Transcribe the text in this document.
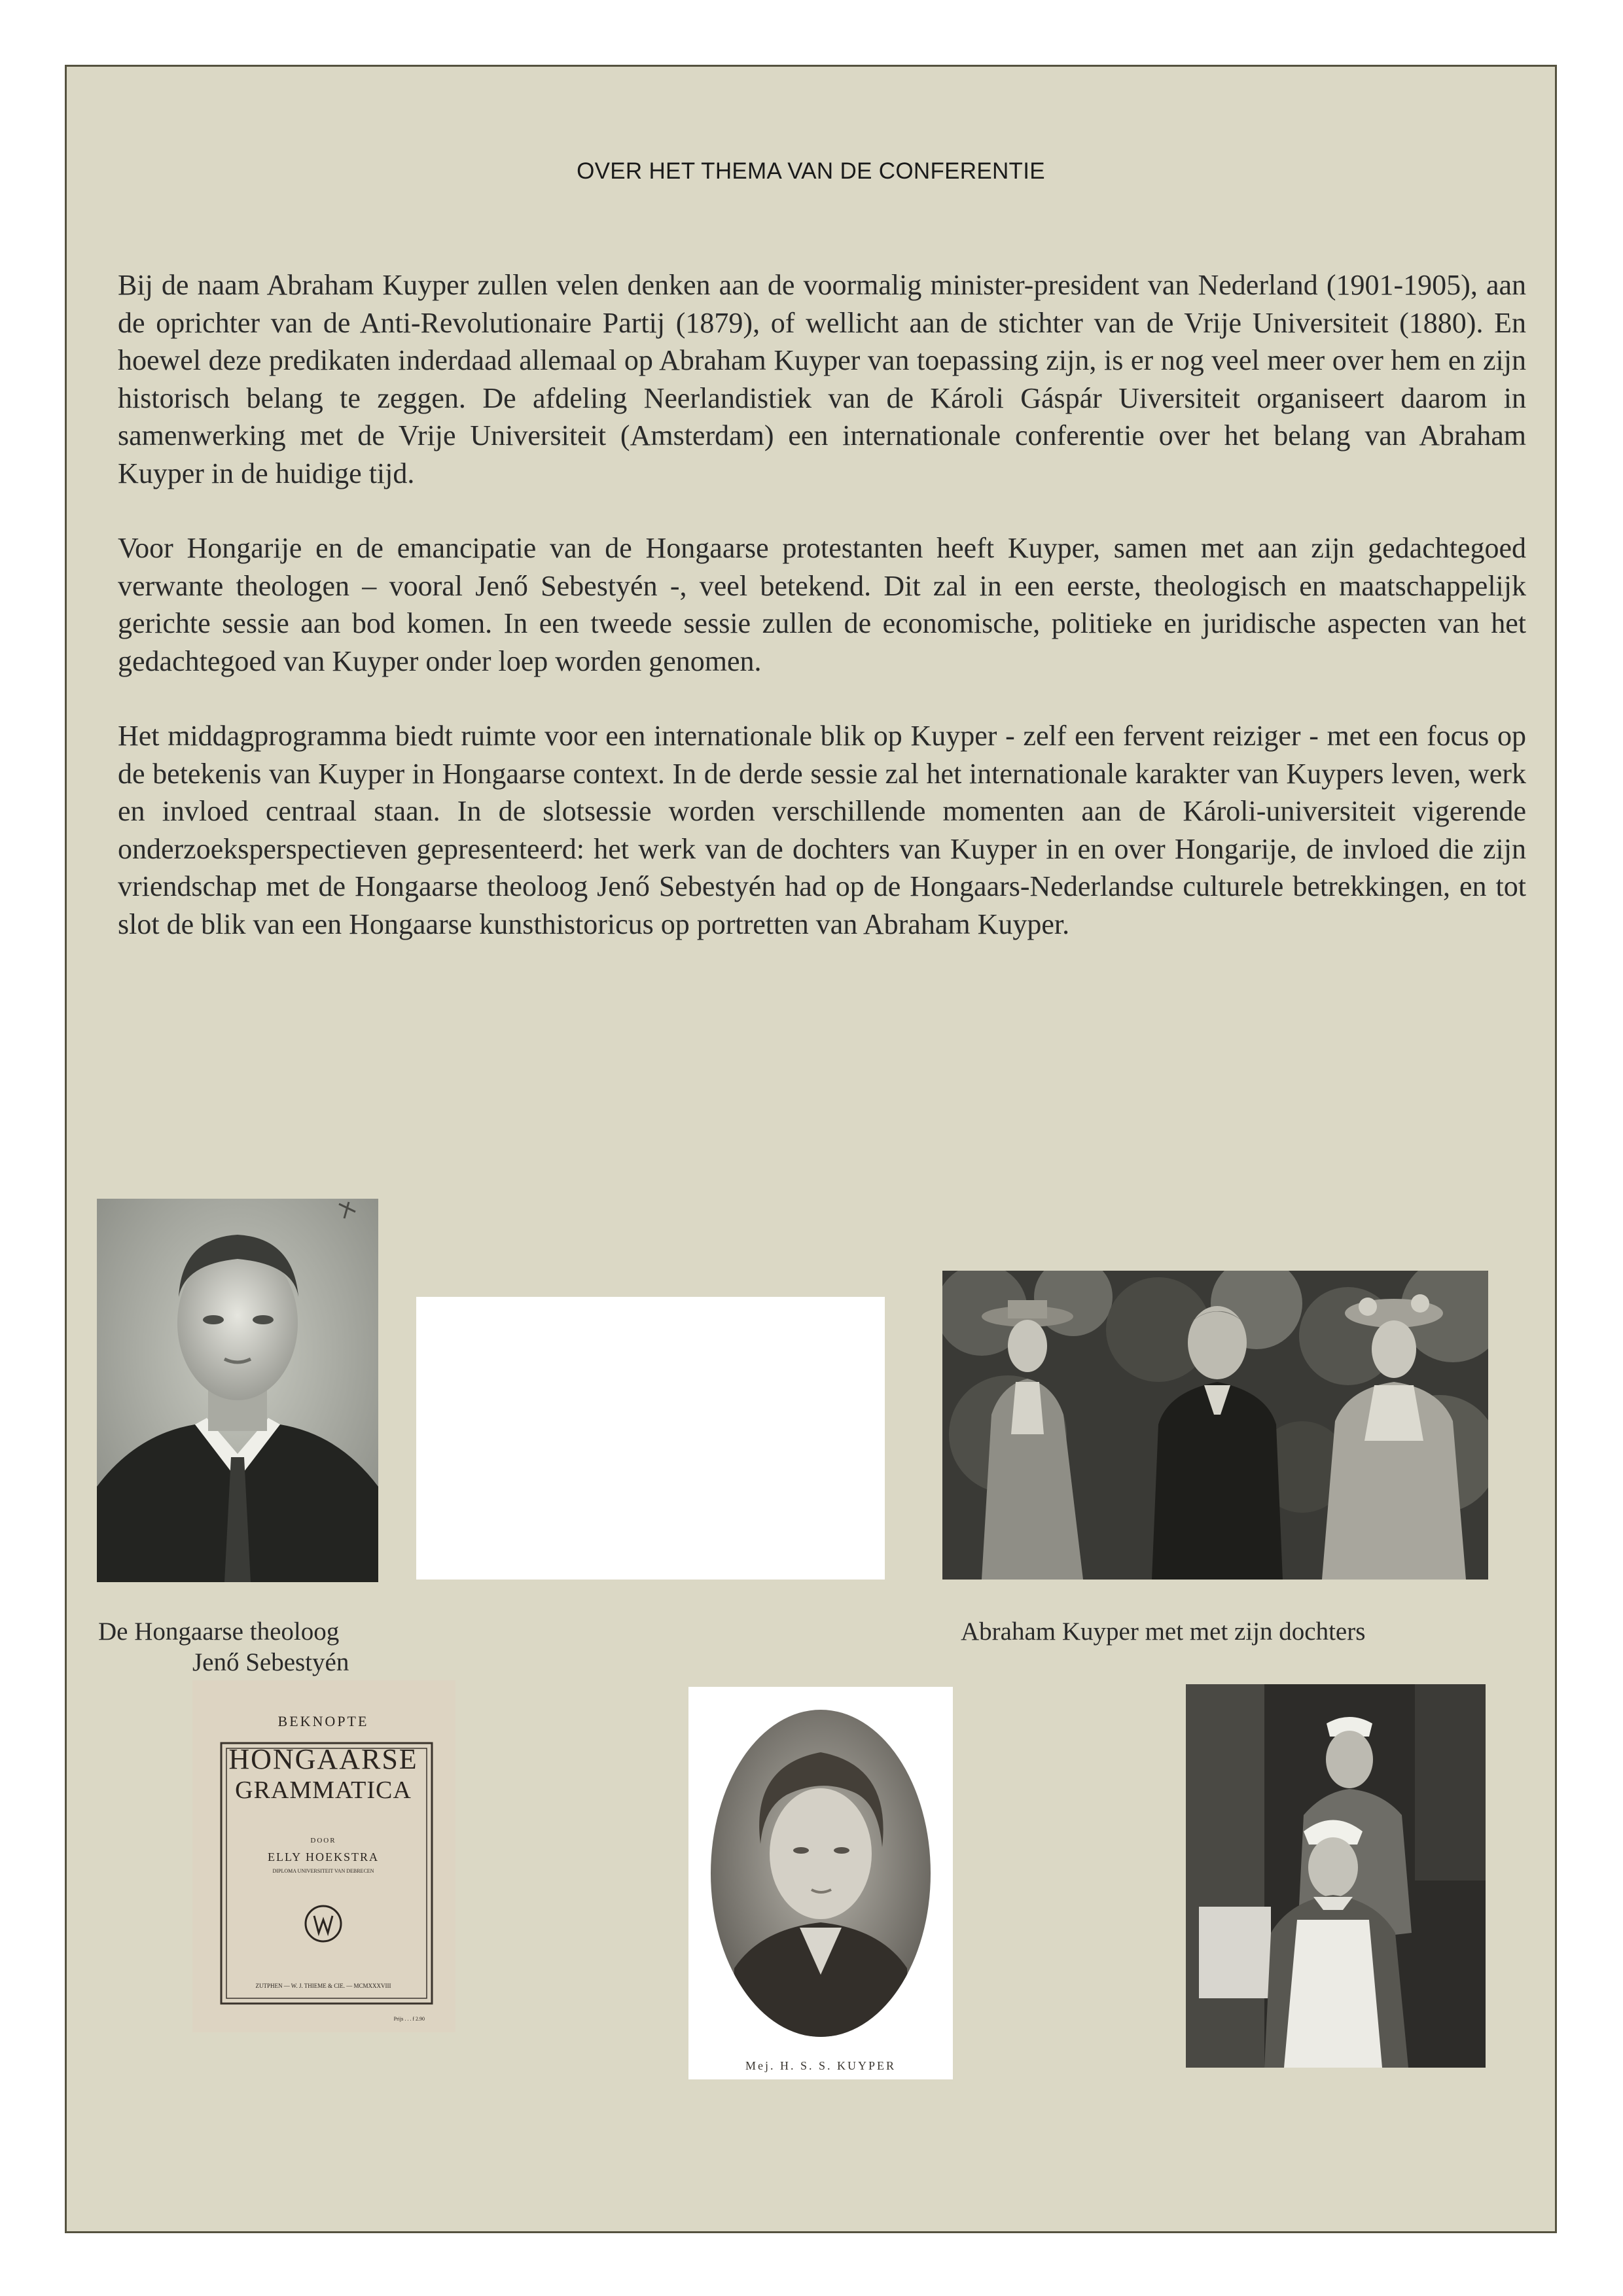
OVER HET THEMA VAN DE CONFERENTIE

Bij de naam Abraham Kuyper zullen velen denken aan de voormalig minister-president van Nederland (1901-1905), aan de oprichter van de Anti-Revolutionaire Partij (1879), of wellicht aan de stichter van de Vrije Universiteit (1880). En hoewel deze predikaten inderdaad allemaal op Abraham Kuyper van toepassing zijn, is er nog veel meer over hem en zijn historisch belang te zeggen. De afdeling Neerlandistiek van de Károli Gáspár Uiversiteit organiseert daarom in samenwerking met de Vrije Universiteit (Amsterdam) een internationale conferentie over het belang van Abraham Kuyper in de huidige tijd.

Voor Hongarije en de emancipatie van de Hongaarse protestanten heeft Kuyper, samen met aan zijn gedachtegoed verwante theologen – vooral Jenő Sebestyén -, veel betekend. Dit zal in een eerste, theologisch en maatschappelijk gerichte sessie aan bod komen. In een tweede sessie zullen de economische, politieke en juridische aspecten van het gedachtegoed van Kuyper onder loep worden genomen.

Het middagprogramma biedt ruimte voor een internationale blik op Kuyper - zelf een fervent reiziger - met een focus op de betekenis van Kuyper in Hongaarse context. In de derde sessie zal het internationale karakter van Kuypers leven, werk en invloed centraal staan. In de slotsessie worden verschillende momenten aan de Károli-universiteit vigerende onderzoeksperspectieven gepresenteerd: het werk van de dochters van Kuyper in en over Hongarije, de invloed die zijn vriendschap met de Hongaarse theoloog Jenő Sebestyén had op de Hongaars-Nederlandse culturele betrekkingen, en tot slot de blik van een Hongaarse kunsthistoricus op portretten van Abraham Kuyper.

De Hongaarse theoloog
Jenő Sebestyén
Abraham Kuyper met met zijn dochters
BEKNOPTE
HONGAARSE
GRAMMATICA
DOOR
ELLY HOEKSTRA
DIPLOMA UNIVERSITEIT VAN DEBRECEN
ZUTPHEN — W. J. THIEME & CIE. — MCMXXXVIII
Prijs . . . f 2.90
Mej. H. S. S. KUYPER
